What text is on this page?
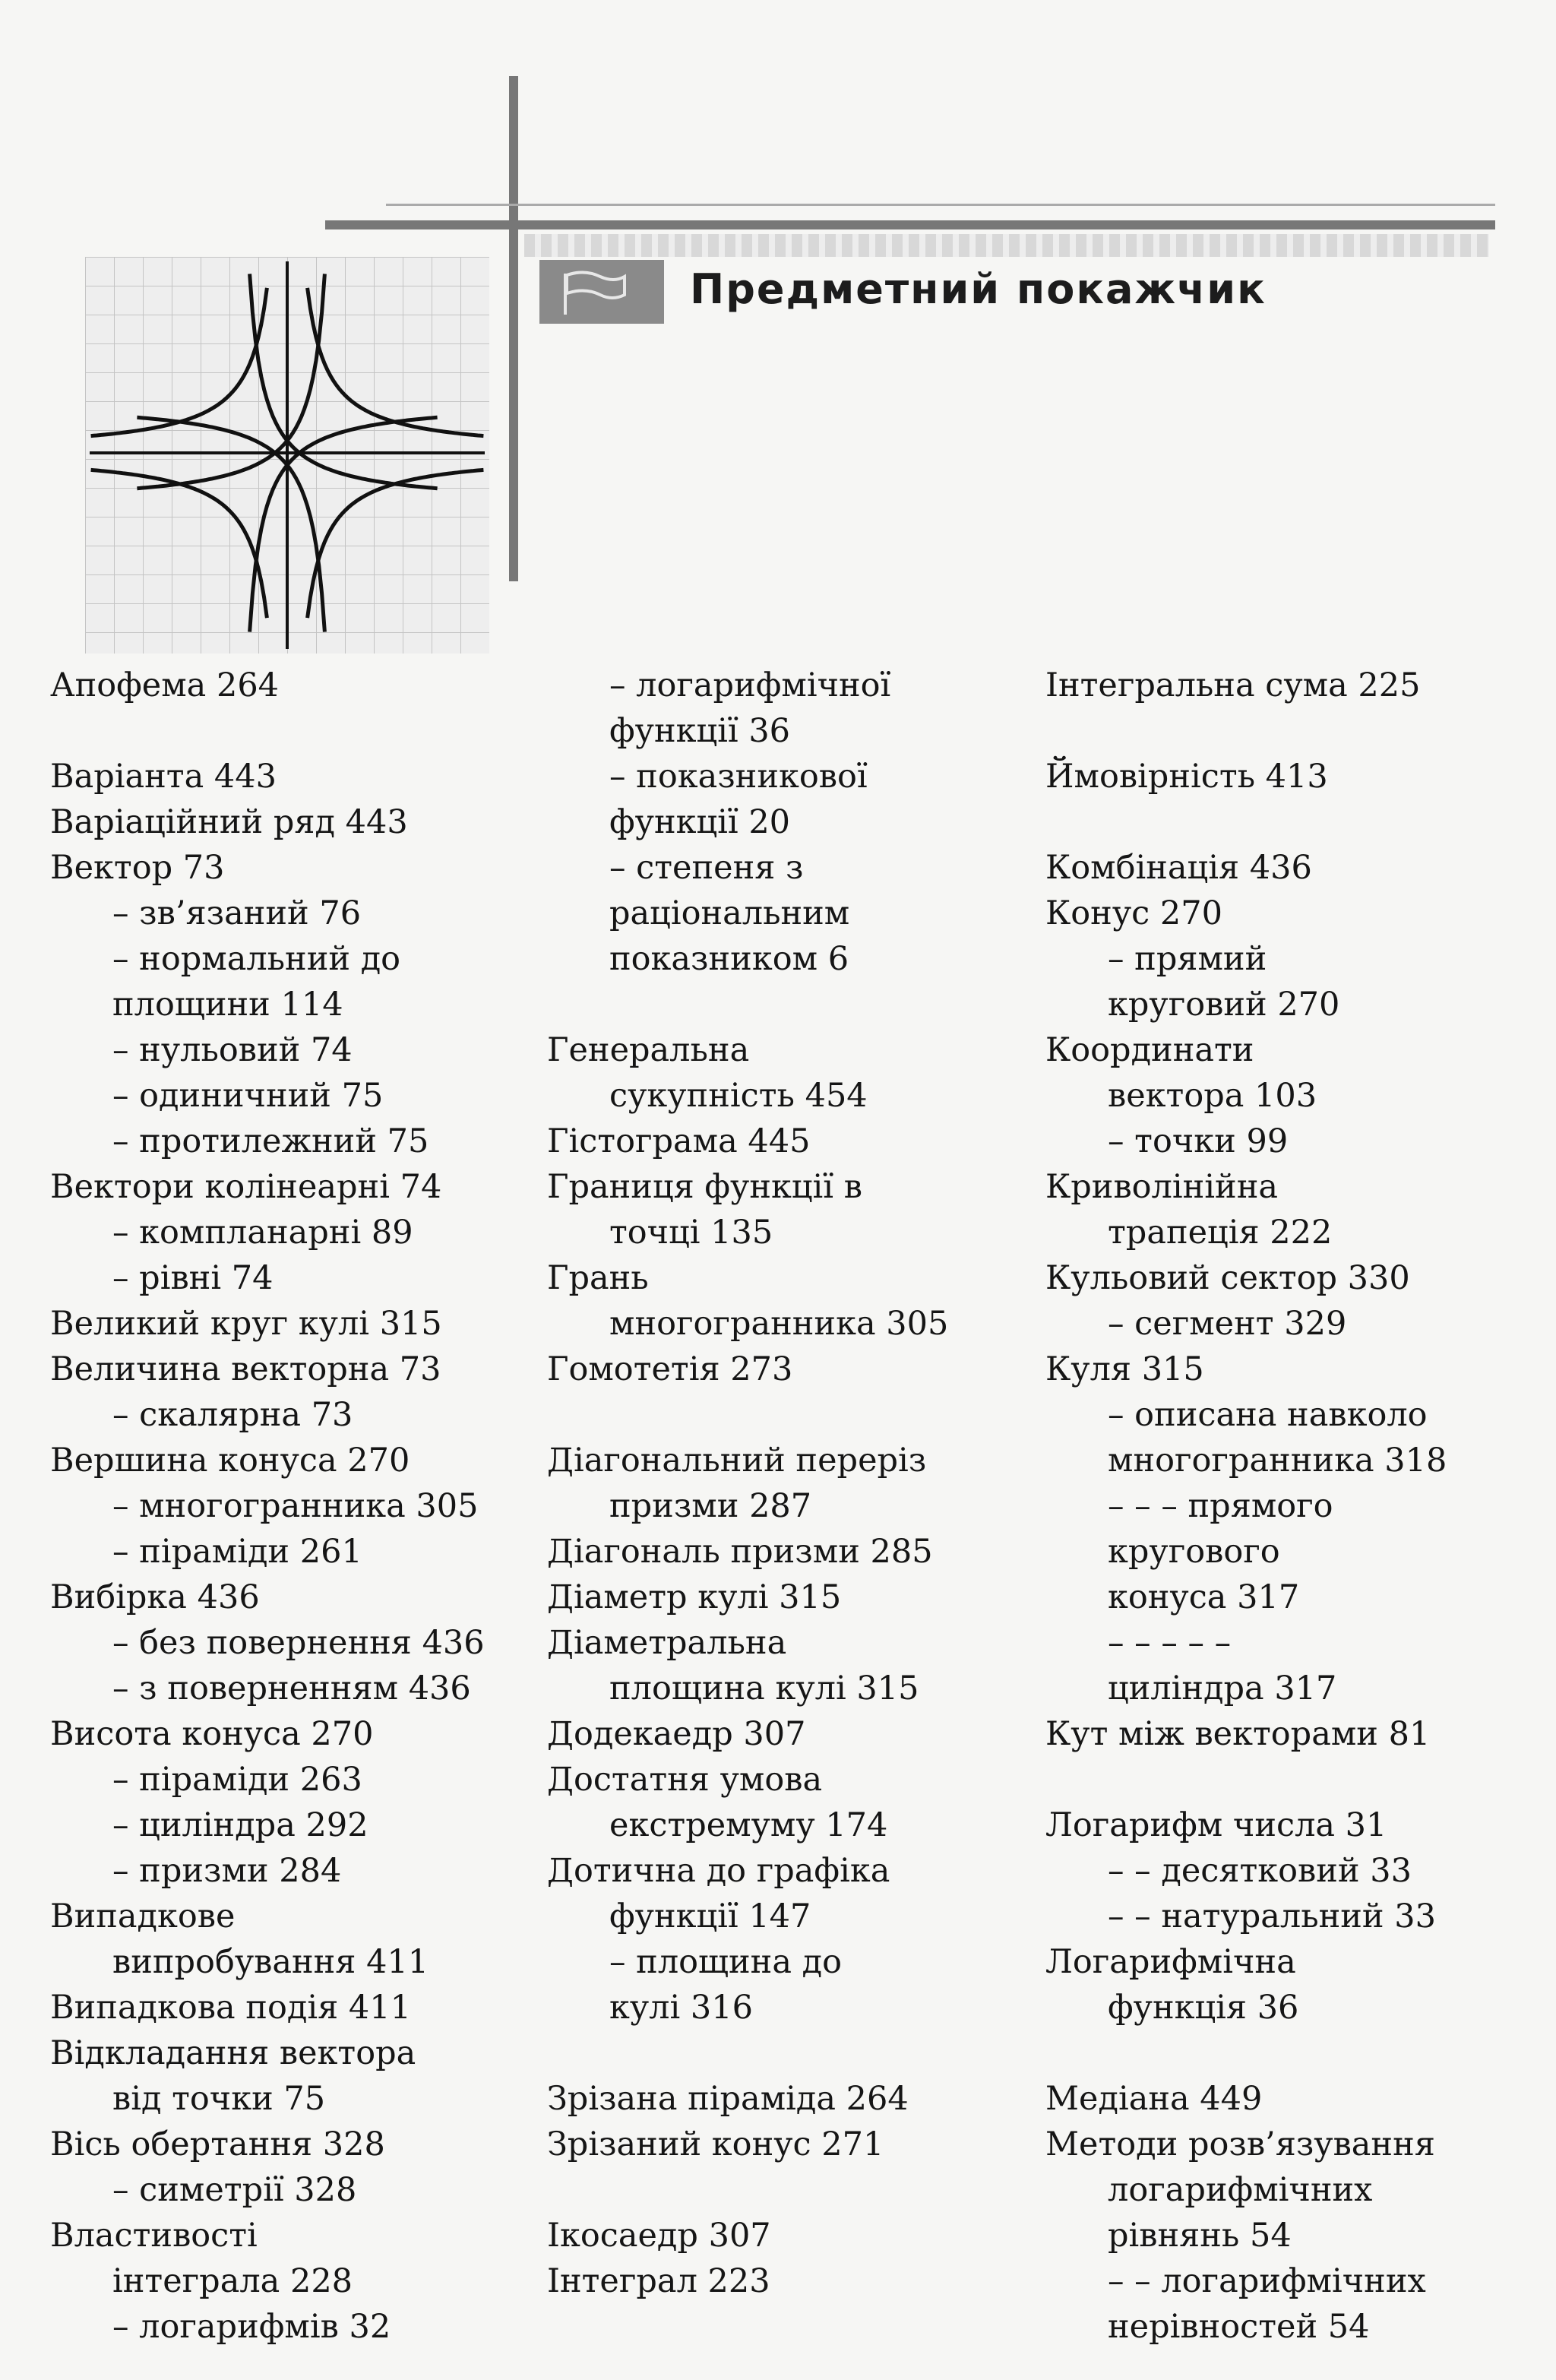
Предметний покажчик
Апофема 264
Варіанта 443
Варіаційний ряд 443
Вектор 73
– зв’язаний 76
– нормальний до
площини 114
– нульовий 74
– одиничний 75
– протилежний 75
Вектори колінеарні 74
– компланарні 89
– рівні 74
Великий круг кулі 315
Величина векторна 73
– скалярна 73
Вершина конуса 270
– многогранника 305
– піраміди 261
Вибірка 436
– без повернення 436
– з поверненням 436
Висота конуса 270
– піраміди 263
– циліндра 292
– призми 284
Випадкове
випробування 411
Випадкова подія 411
Відкладання вектора
від точки 75
Вісь обертання 328
– симетрії 328
Властивості
інтеграла 228
– логарифмів 32
– логарифмічної
функції 36
– показникової
функції 20
– степеня з
раціональним
показником 6
Генеральна
сукупність 454
Гістограма 445
Границя функції в
точці 135
Грань
многогранника 305
Гомотетія 273
Діагональний переріз
призми 287
Діагональ призми 285
Діаметр кулі 315
Діаметральна
площина кулі 315
Додекаедр 307
Достатня умова
екстремуму 174
Дотична до графіка
функції 147
– площина до
кулі 316
Зрізана піраміда 264
Зрізаний конус 271
Ікосаедр 307
Інтеграл 223
Інтегральна сума 225
Ймовірність 413
Комбінація 436
Конус 270
– прямий
круговий 270
Координати
вектора 103
– точки 99
Криволінійна
трапеція 222
Кульовий сектор 330
– сегмент 329
Куля 315
– описана навколо
многогранника 318
– – – прямого
кругового
конуса 317
– – – – –
циліндра 317
Кут між векторами 81
Логарифм числа 31
– – десятковий 33
– – натуральний 33
Логарифмічна
функція 36
Медіана 449
Методи розв’язування
логарифмічних
рівнянь 54
– – логарифмічних
нерівностей 54
